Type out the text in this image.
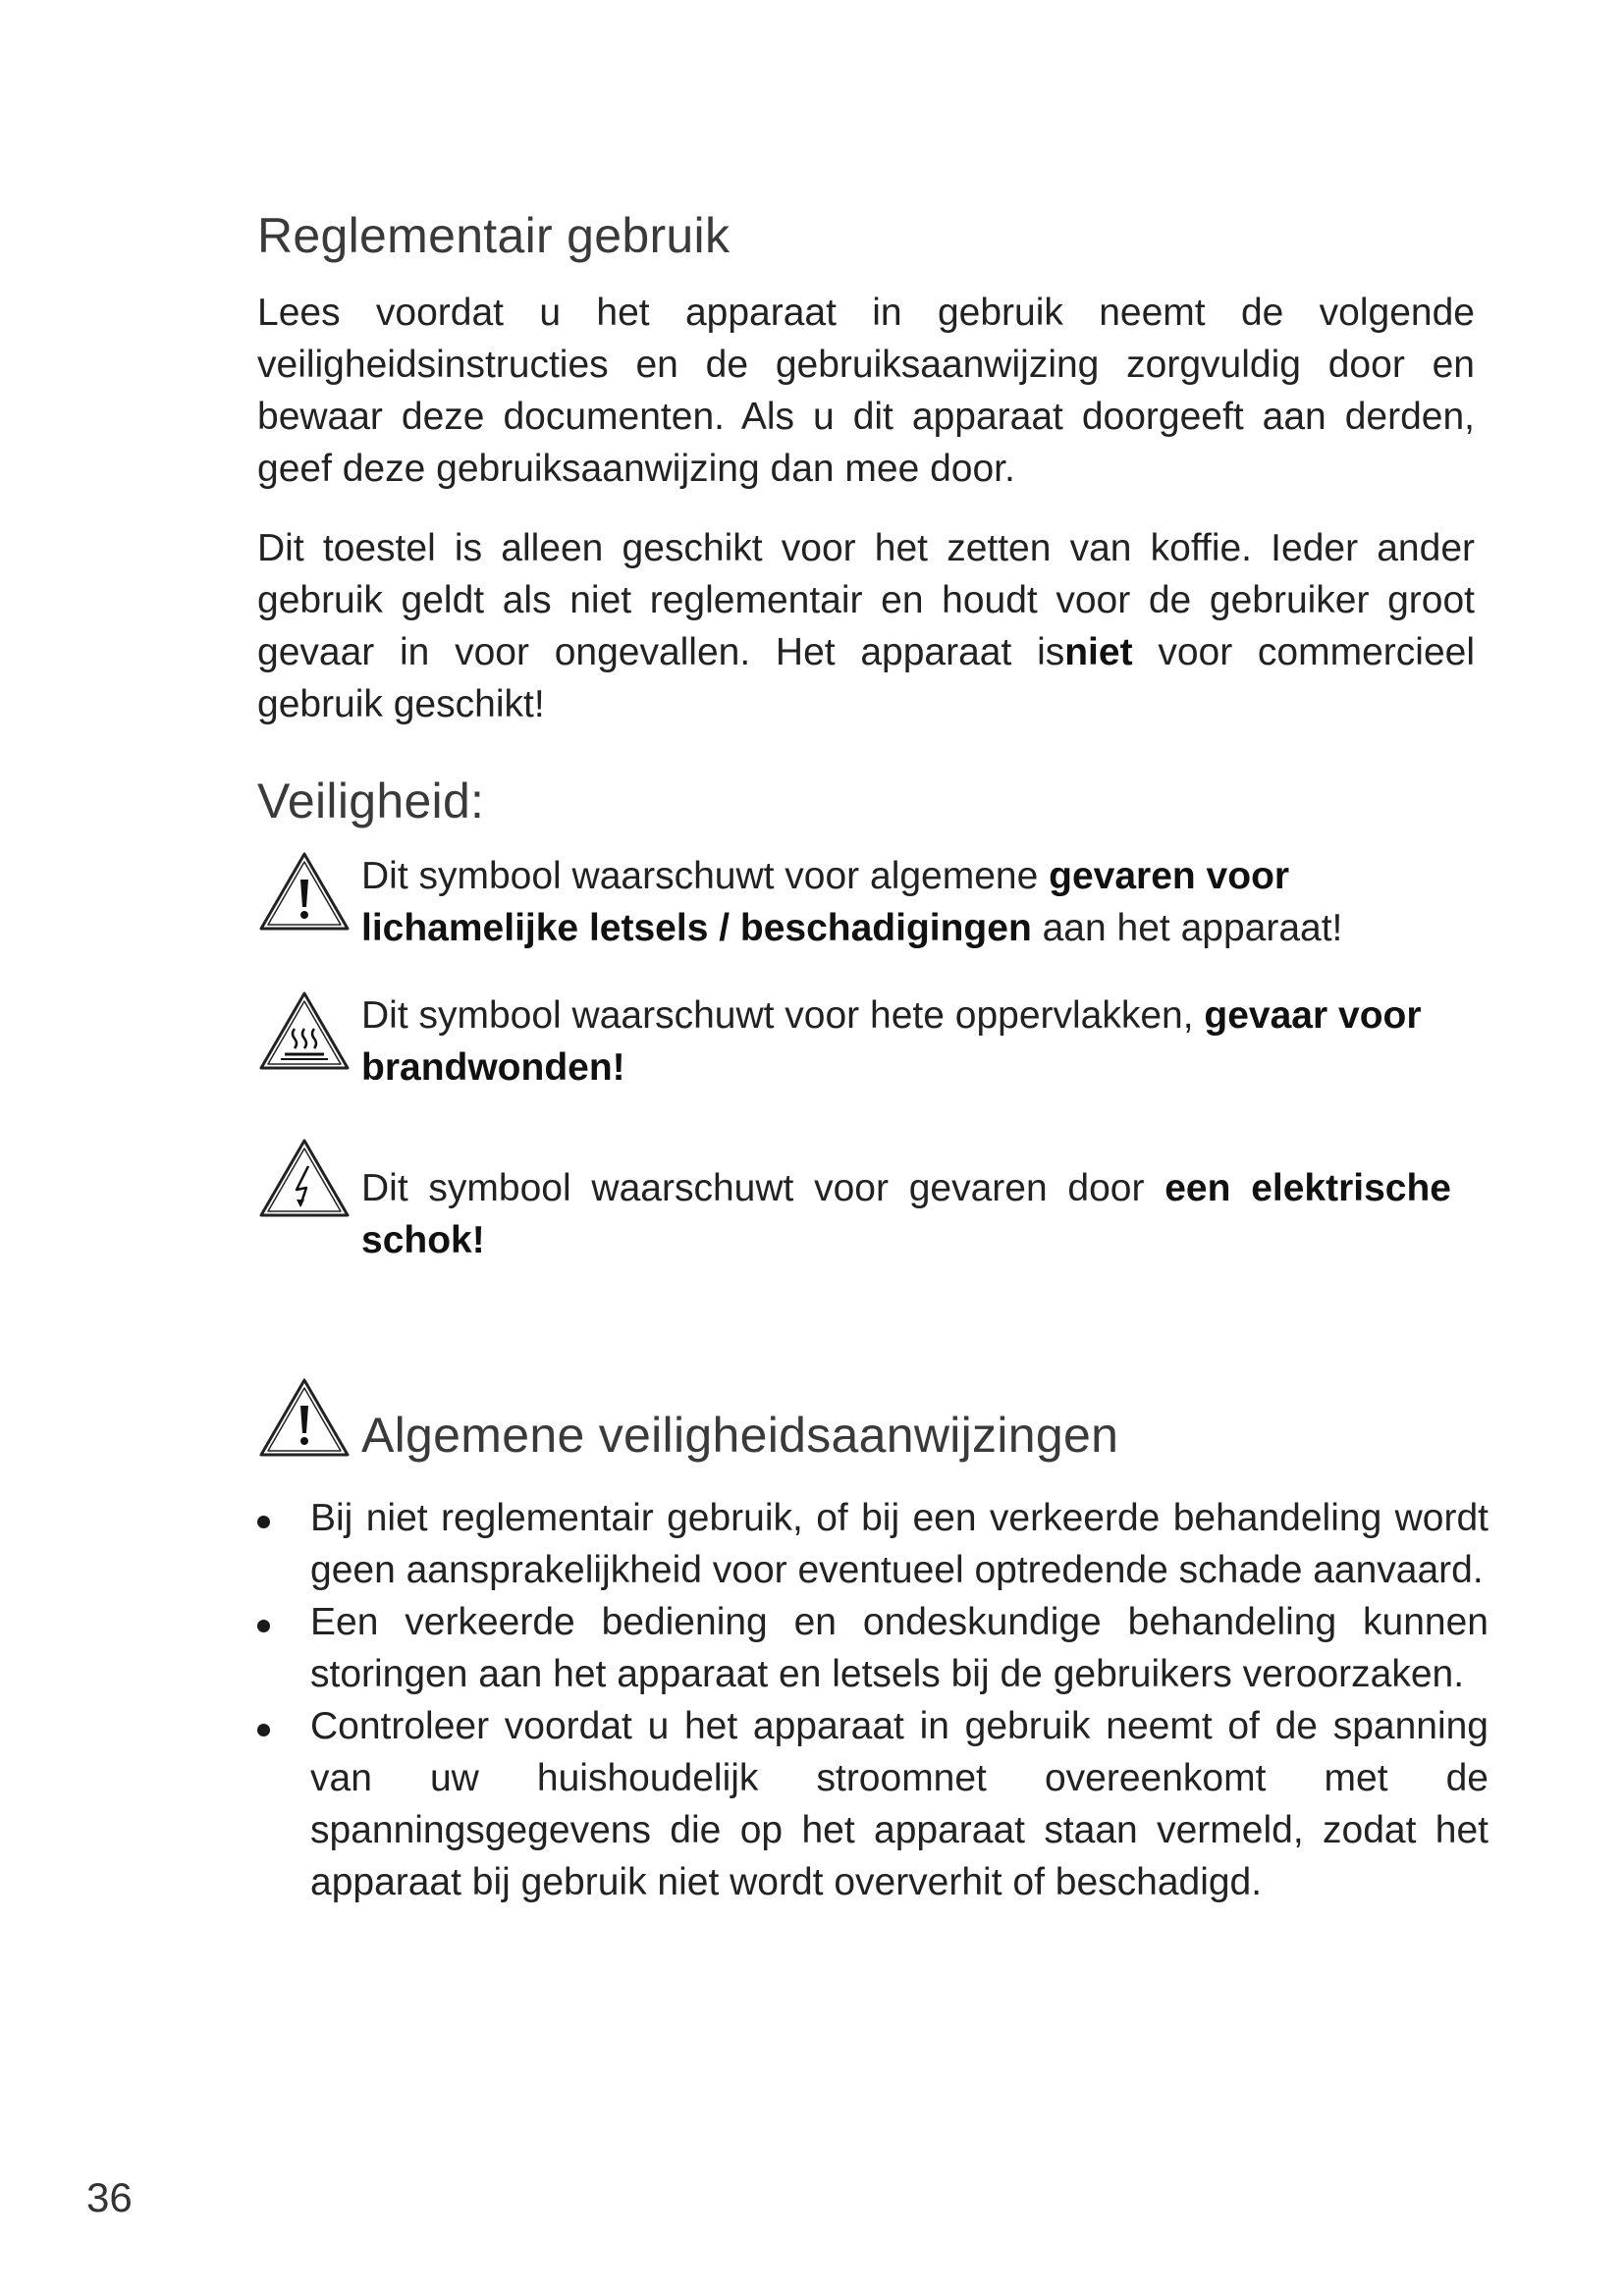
Reglementair gebruik

Lees voordat u het apparaat in gebruik neemt de volgende veiligheidsinstructies en de gebruiksaanwijzing zorgvuldig door en bewaar deze documenten. Als u dit apparaat doorgeeft aan derden, geef deze gebruiksaanwijzing dan mee door.

Dit toestel is alleen geschikt voor het zetten van koffie. Ieder ander gebruik geldt als niet reglementair en houdt voor de gebruiker groot gevaar in voor ongevallen. Het apparaat isniet voor commercieel gebruik geschikt!

Veiligheid:
Dit symbool waarschuwt voor algemene gevaren voor lichamelijke letsels / beschadigingen aan het apparaat!
Dit symbool waarschuwt voor hete oppervlakken, gevaar voor brandwonden!
Dit symbool waarschuwt voor gevaren door een elektrische schok!
Algemene veiligheidsaanwijzingen
Bij niet reglementair gebruik, of bij een verkeerde behandeling wordt geen aansprakelijkheid voor eventueel optredende schade aanvaard.
Een verkeerde bediening en ondeskundige behandeling kunnen storingen aan het apparaat en letsels bij de gebruikers veroorzaken.
Controleer voordat u het apparaat in gebruik neemt of de spanning van uw huishoudelijk stroomnet overeenkomt met de spanningsgegevens die op het apparaat staan vermeld, zodat het apparaat bij gebruik niet wordt oververhit of beschadigd.
36
